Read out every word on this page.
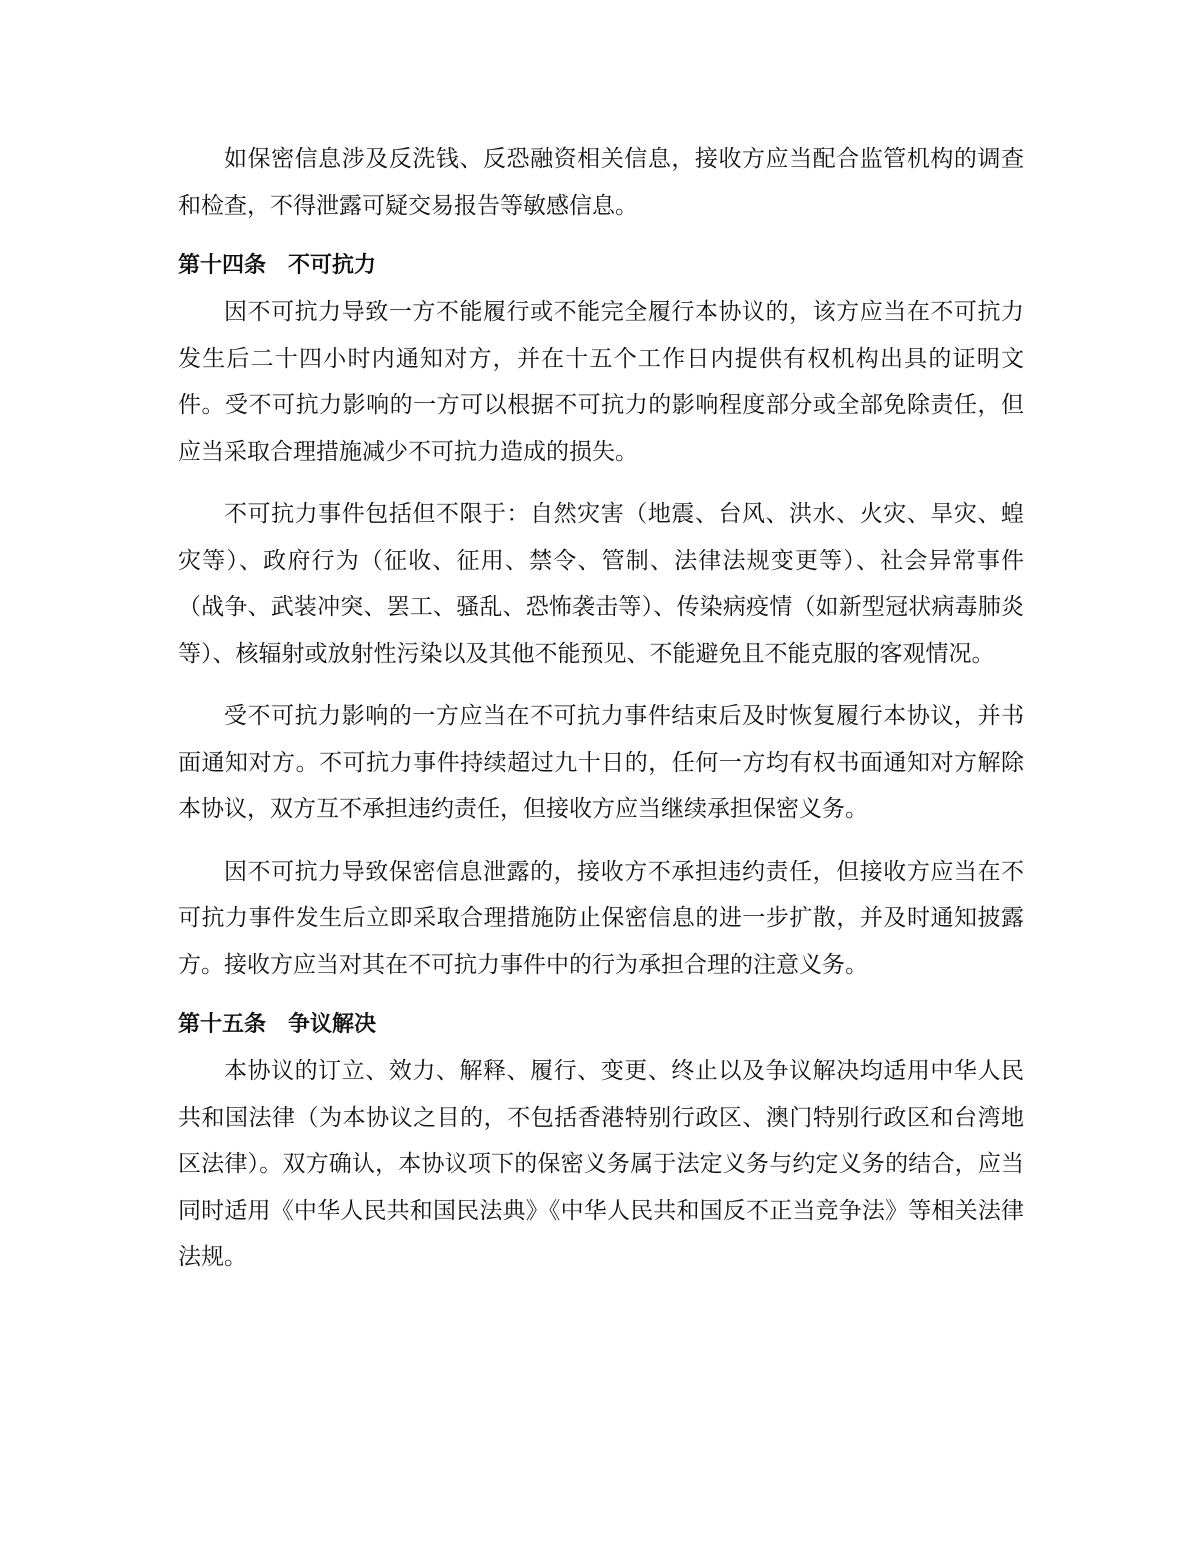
如保密信息涉及反洗钱、反恐融资相关信息，接收方应当配合监管机构的调查和检查，不得泄露可疑交易报告等敏感信息。

第十四条　不可抗力

因不可抗力导致一方不能履行或不能完全履行本协议的，该方应当在不可抗力发生后二十四小时内通知对方，并在十五个工作日内提供有权机构出具的证明文件。受不可抗力影响的一方可以根据不可抗力的影响程度部分或全部免除责任，但应当采取合理措施减少不可抗力造成的损失。

不可抗力事件包括但不限于：自然灾害（地震、台风、洪水、火灾、旱灾、蝗灾等）、政府行为（征收、征用、禁令、管制、法律法规变更等）、社会异常事件（战争、武装冲突、罢工、骚乱、恐怖袭击等）、传染病疫情（如新型冠状病毒肺炎等）、核辐射或放射性污染以及其他不能预见、不能避免且不能克服的客观情况。

受不可抗力影响的一方应当在不可抗力事件结束后及时恢复履行本协议，并书面通知对方。不可抗力事件持续超过九十日的，任何一方均有权书面通知对方解除本协议，双方互不承担违约责任，但接收方应当继续承担保密义务。

因不可抗力导致保密信息泄露的，接收方不承担违约责任，但接收方应当在不可抗力事件发生后立即采取合理措施防止保密信息的进一步扩散，并及时通知披露方。接收方应当对其在不可抗力事件中的行为承担合理的注意义务。

第十五条　争议解决

本协议的订立、效力、解释、履行、变更、终止以及争议解决均适用中华人民共和国法律（为本协议之目的，不包括香港特别行政区、澳门特别行政区和台湾地区法律）。双方确认，本协议项下的保密义务属于法定义务与约定义务的结合，应当同时适用《中华人民共和国民法典》《中华人民共和国反不正当竞争法》等相关法律法规。
